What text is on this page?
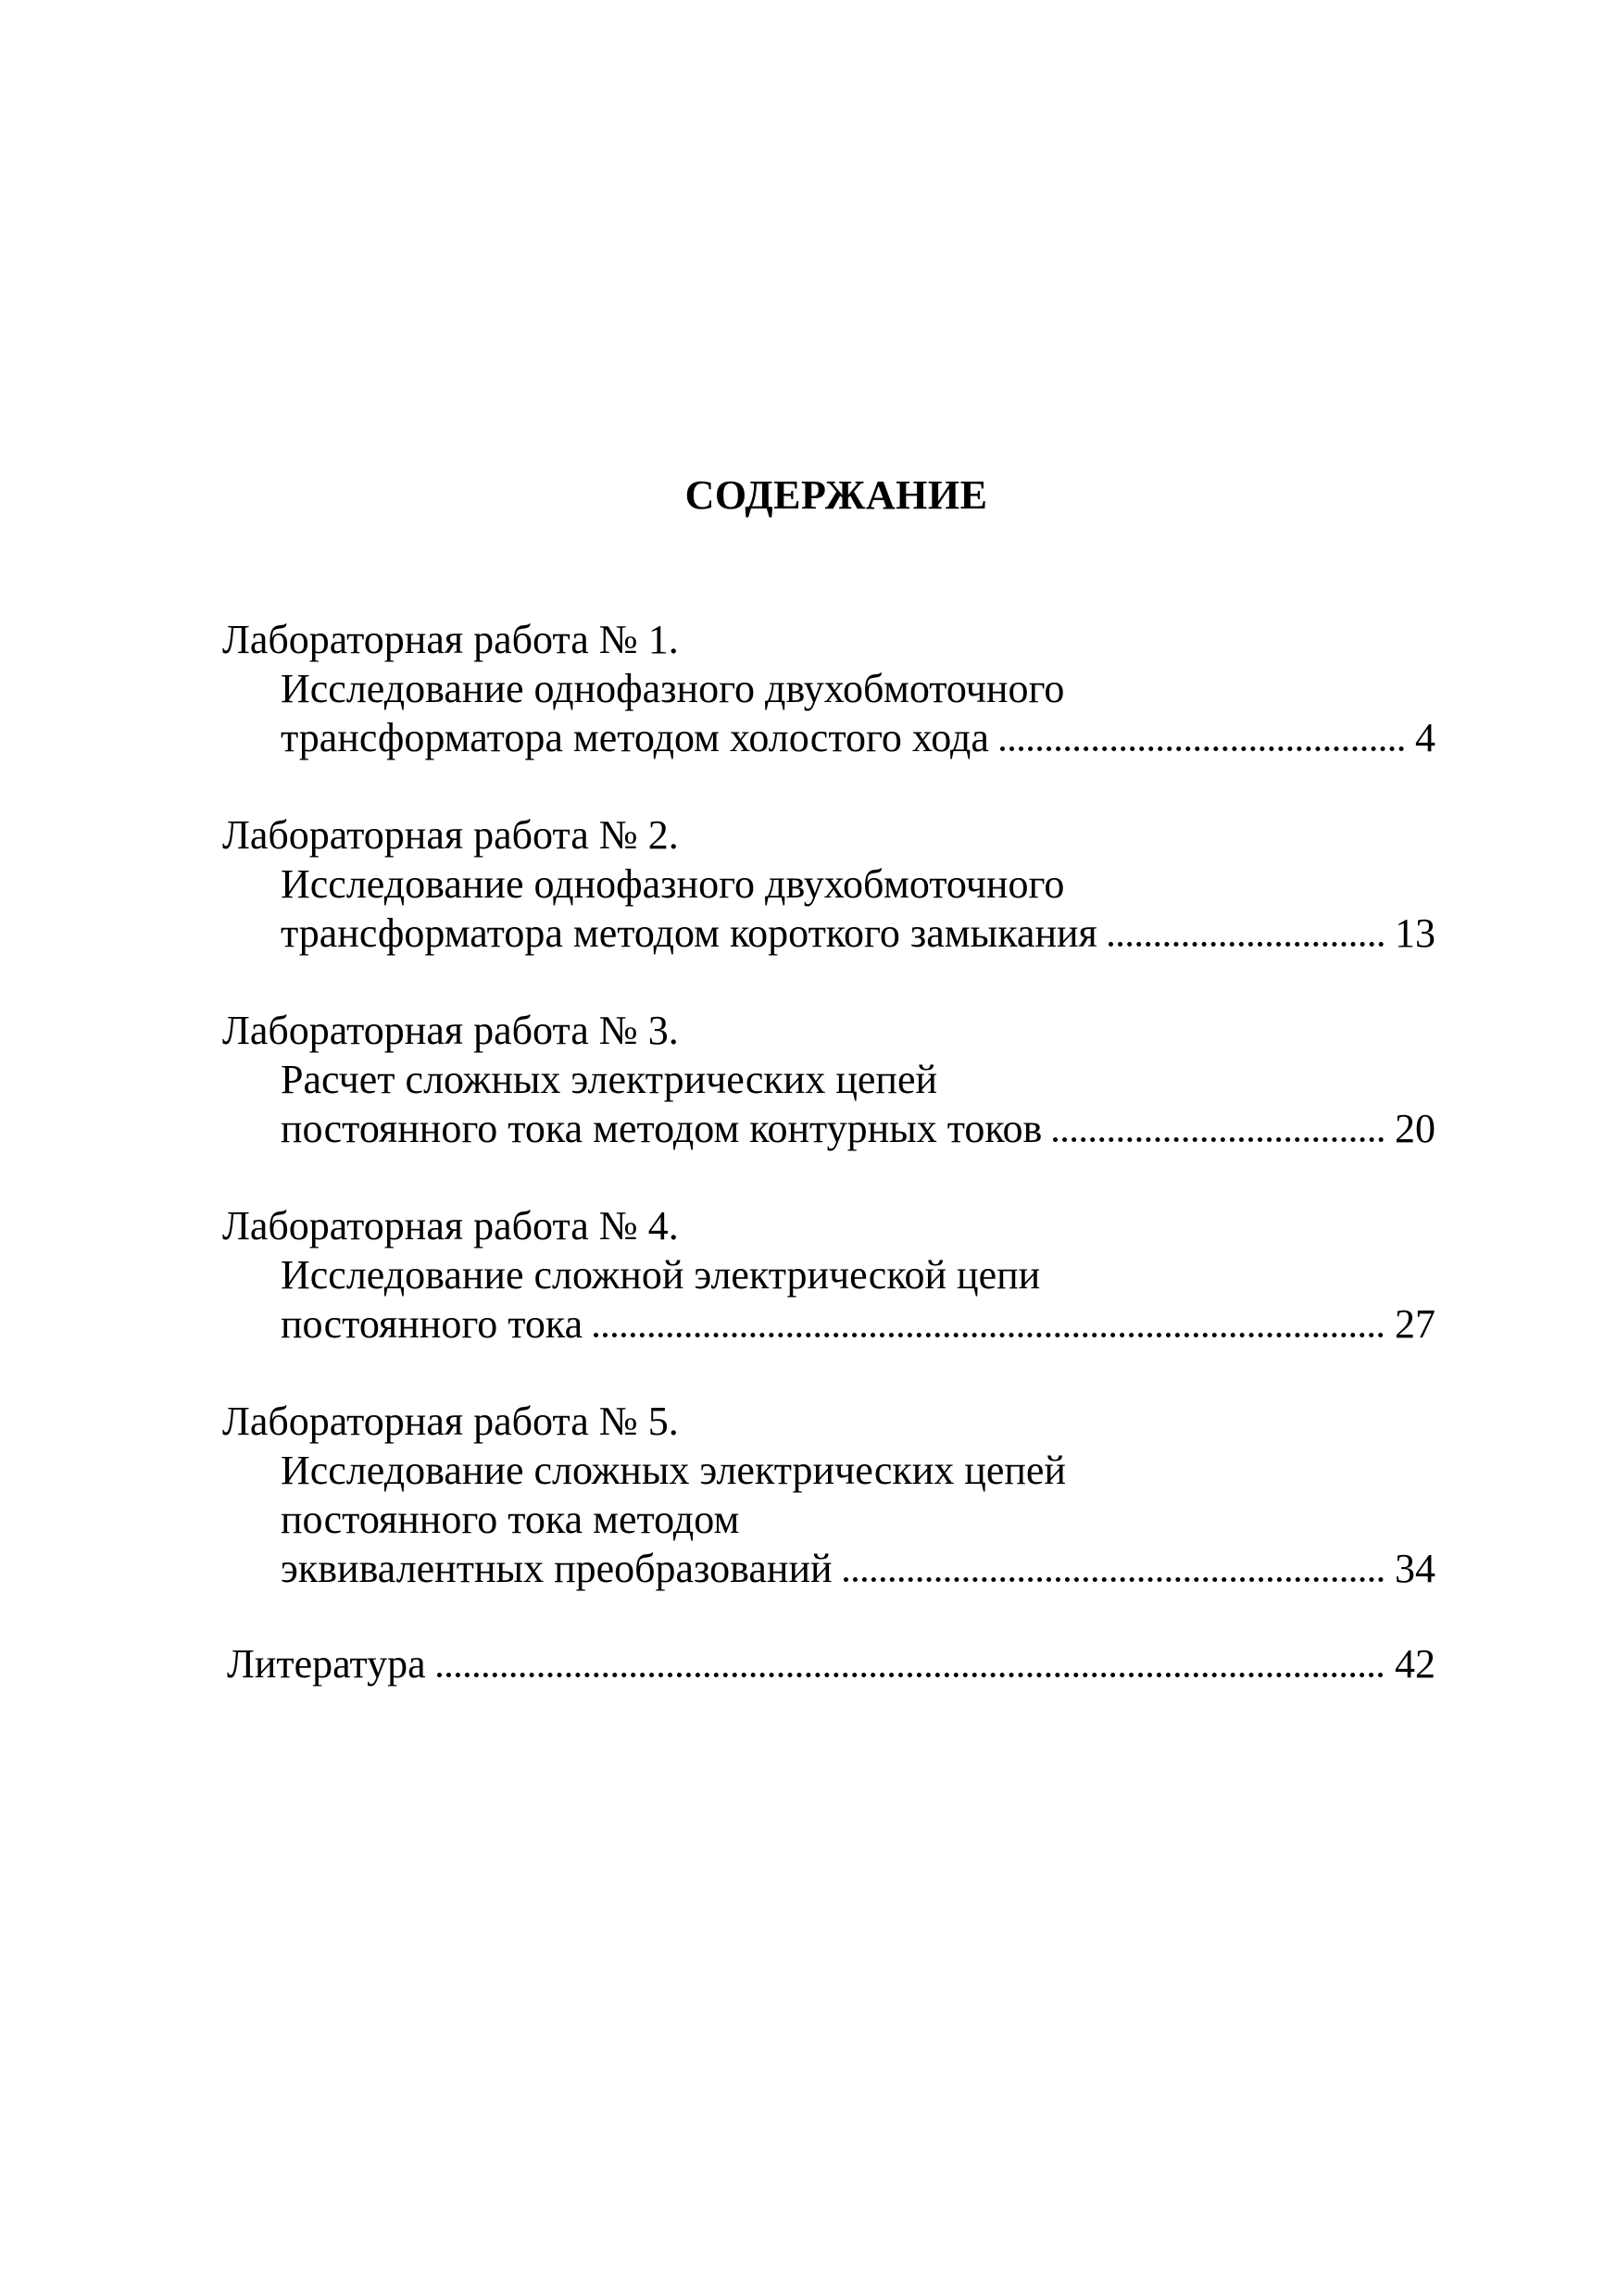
СОДЕРЖАНИЕ
Лабораторная работа № 1.
Исследование однофазного двухобмоточного
трансформатора методом холостого хода	4
Лабораторная работа № 2.
Исследование однофазного двухобмоточного
трансформатора методом короткого замыкания	13
Лабораторная работа № 3.
Расчет сложных электрических цепей
постоянного тока методом контурных токов	20
Лабораторная работа № 4.
Исследование сложной электрической цепи
постоянного тока	27
Лабораторная работа № 5.
Исследование сложных электрических цепей
постоянного тока методом
эквивалентных преобразований	34
Литература	42
